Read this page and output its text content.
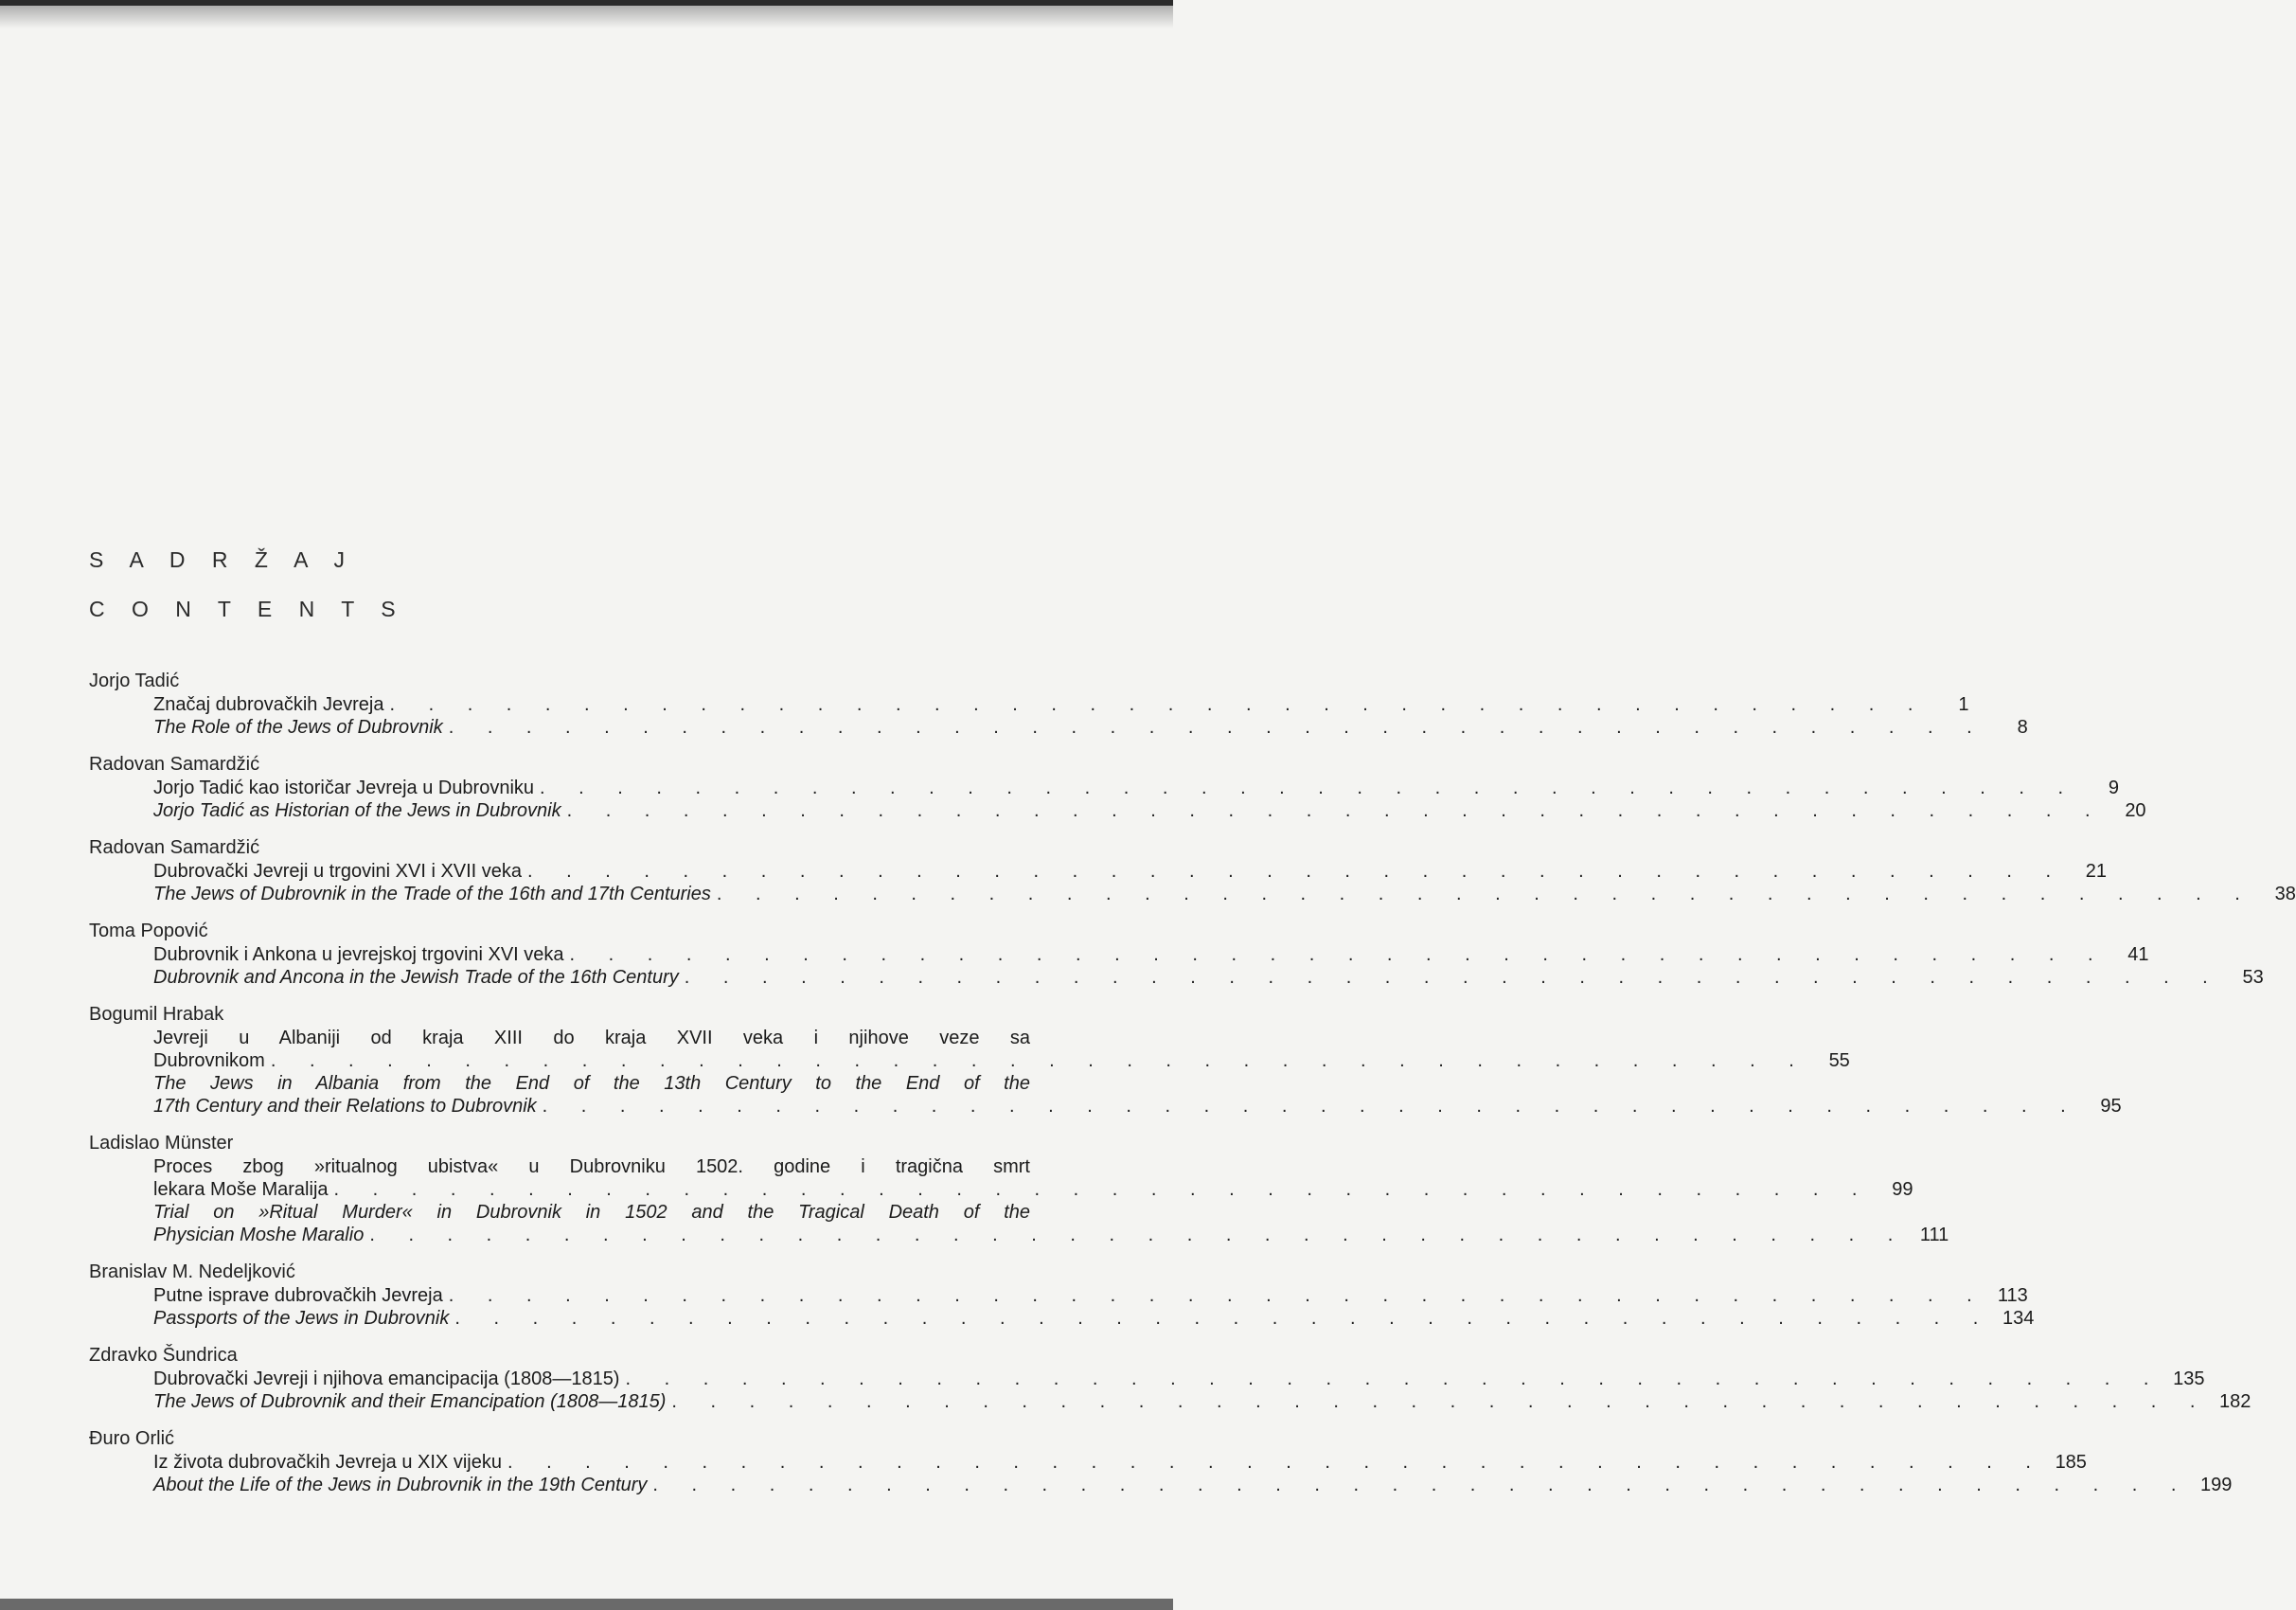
S A D R Ž A J

C O N T E N T S

Jorjo Tadić
Značaj dubrovačkih Jevreja . . . . . . . . . . . . . . . . . . . . . . . . . . . . . . . . . . . . . . . .	1
The Role of the Jews of Dubrovnik . . . . . . . . . . . . . . . . . . . . . . . . . . . . . . . . . . . . . . . .	8
Radovan Samardžić
Jorjo Tadić kao istoričar Jevreja u Dubrovniku . . . . . . . . . . . . . . . . . . . . . . . . . . . . . . . . . . . . . . . .	9
Jorjo Tadić as Historian of the Jews in Dubrovnik . . . . . . . . . . . . . . . . . . . . . . . . . . . . . . . . . . . . . . . .	20
Radovan Samardžić
Dubrovački Jevreji u trgovini XVI i XVII veka . . . . . . . . . . . . . . . . . . . . . . . . . . . . . . . . . . . . . . . .	21
The Jews of Dubrovnik in the Trade of the 16th and 17th Centuries . . . . . . . . . . . . . . . . . . . . . . . . . . . . . . . . . . . . . . . .	38
Toma Popović
Dubrovnik i Ankona u jevrejskoj trgovini XVI veka . . . . . . . . . . . . . . . . . . . . . . . . . . . . . . . . . . . . . . . .	41
Dubrovnik and Ancona in the Jewish Trade of the 16th Century . . . . . . . . . . . . . . . . . . . . . . . . . . . . . . . . . . . . . . . .	53
Bogumil Hrabak
Jevreji u Albaniji od kraja XIII do kraja XVII veka i njihove veze sa
Dubrovnikom . . . . . . . . . . . . . . . . . . . . . . . . . . . . . . . . . . . . . . . .	55
The Jews in Albania from the End of the 13th Century to the End of the
17th Century and their Relations to Dubrovnik . . . . . . . . . . . . . . . . . . . . . . . . . . . . . . . . . . . . . . . .	95
Ladislao Münster
Proces zbog »ritualnog ubistva« u Dubrovniku 1502. godine i tragična smrt
lekara Moše Maralija . . . . . . . . . . . . . . . . . . . . . . . . . . . . . . . . . . . . . . . .	99
Trial on »Ritual Murder« in Dubrovnik in 1502 and the Tragical Death of the
Physician Moshe Maralio . . . . . . . . . . . . . . . . . . . . . . . . . . . . . . . . . . . . . . . . 111
Branislav M. Nedeljković
Putne isprave dubrovačkih Jevreja . . . . . . . . . . . . . . . . . . . . . . . . . . . . . . . . . . . . . . . . 113
Passports of the Jews in Dubrovnik . . . . . . . . . . . . . . . . . . . . . . . . . . . . . . . . . . . . . . . . 134
Zdravko Šundrica
Dubrovački Jevreji i njihova emancipacija (1808—1815) . . . . . . . . . . . . . . . . . . . . . . . . . . . . . . . . . . . . . . . . 135
The Jews of Dubrovnik and their Emancipation (1808—1815) . . . . . . . . . . . . . . . . . . . . . . . . . . . . . . . . . . . . . . . . 182
Đuro Orlić
Iz života dubrovačkih Jevreja u XIX vijeku . . . . . . . . . . . . . . . . . . . . . . . . . . . . . . . . . . . . . . . . 185
About the Life of the Jews in Dubrovnik in the 19th Century . . . . . . . . . . . . . . . . . . . . . . . . . . . . . . . . . . . . . . . . 199
